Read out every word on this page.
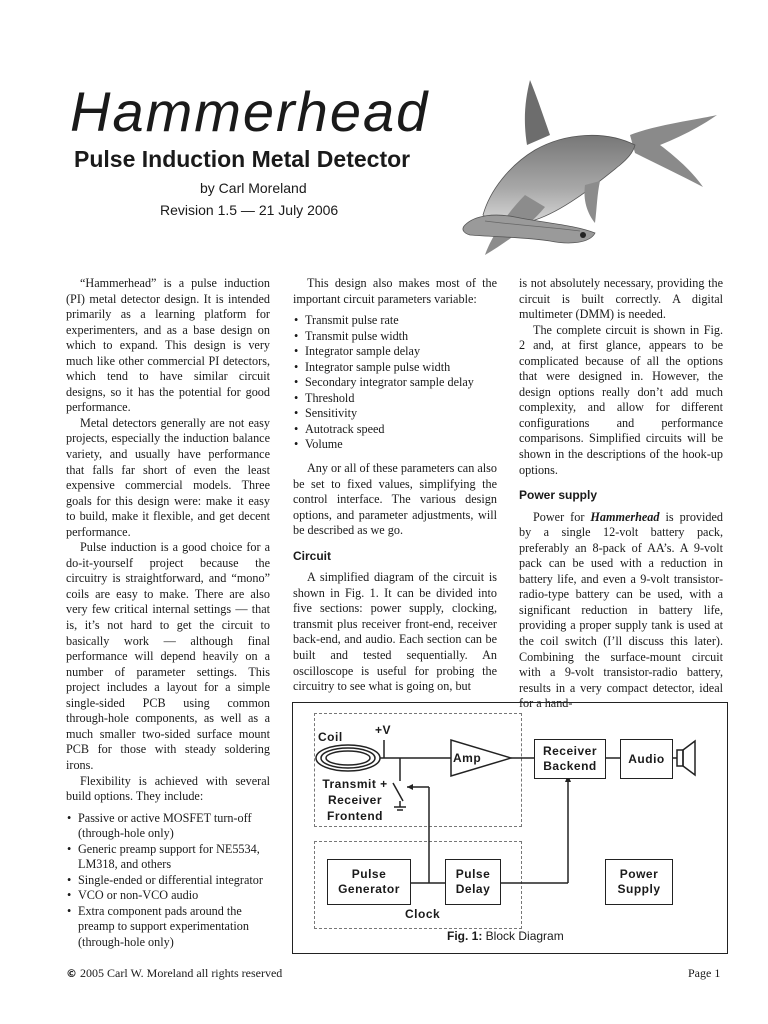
Hammerhead
Pulse Induction Metal Detector
by Carl Moreland
Revision 1.5 — 21 July 2006

“Hammerhead” is a pulse induction (PI) metal detector design. It is intended primarily as a learning platform for experimenters, and as a base design on which to expand. This design is very much like other commercial PI detectors, which tend to have similar circuit designs, so it has the potential for good performance.

Metal detectors generally are not easy projects, especially the induction balance variety, and usually have performance that falls far short of even the least expensive commercial models. Three goals for this design were: make it easy to build, make it flexible, and get decent performance.

Pulse induction is a good choice for a do-it-yourself project because the circuitry is straightforward, and “mono” coils are easy to make. There are also very few critical internal settings — that is, it’s not hard to get the circuit to basically work — although final performance will depend heavily on a number of parameter settings. This project includes a layout for a simple single-sided PCB using common through-hole components, as well as a much smaller two-sided surface mount PCB for those with steady soldering irons.

Flexibility is achieved with several build options. They include:

• Passive or active MOSFET turn-off (through-hole only)
• Generic preamp support for NE5534, LM318, and others
• Single-ended or differential integrator
• VCO or non-VCO audio
• Extra component pads around the preamp to support experimentation (through-hole only)

This design also makes most of the important circuit parameters variable:

• Transmit pulse rate
• Transmit pulse width
• Integrator sample delay
• Integrator sample pulse width
• Secondary integrator sample delay
• Threshold
• Sensitivity
• Autotrack speed
• Volume

Any or all of these parameters can also be set to fixed values, simplifying the control interface. The various design options, and parameter adjustments, will be described as we go.

Circuit

A simplified diagram of the circuit is shown in Fig. 1. It can be divided into five sections: power supply, clocking, transmit plus receiver front-end, receiver back-end, and audio. Each section can be built and tested sequentially. An oscilloscope is useful for probing the circuitry to see what is going on, but

is not absolutely necessary, providing the circuit is built correctly. A digital multimeter (DMM) is needed.

The complete circuit is shown in Fig. 2 and, at first glance, appears to be complicated because of all the options that were designed in. However, the design options really don’t add much complexity, and allow for different configurations and performance comparisons. Simplified circuits will be shown in the descriptions of the hook-up options.

Power supply

Power for Hammerhead is provided by a single 12-volt battery pack, preferably an 8-pack of AA’s. A 9-volt pack can be used with a reduction in battery life, and even a 9-volt transistor-radio-type battery can be used, with a significant reduction in battery life, providing a proper supply tank is used at the coil switch (I’ll discuss this later). Combining the surface-mount circuit with a 9-volt transistor-radio battery, results in a very compact detector, ideal for a hand-

Coil	+V
Amp
Transmit +
Receiver
Frontend
Receiver
Backend
Audio
Pulse
Generator
Pulse
Delay
Power
Supply
Clock
Fig. 1: Block Diagram
© 2005 Carl W. Moreland all rights reserved	Page 1
